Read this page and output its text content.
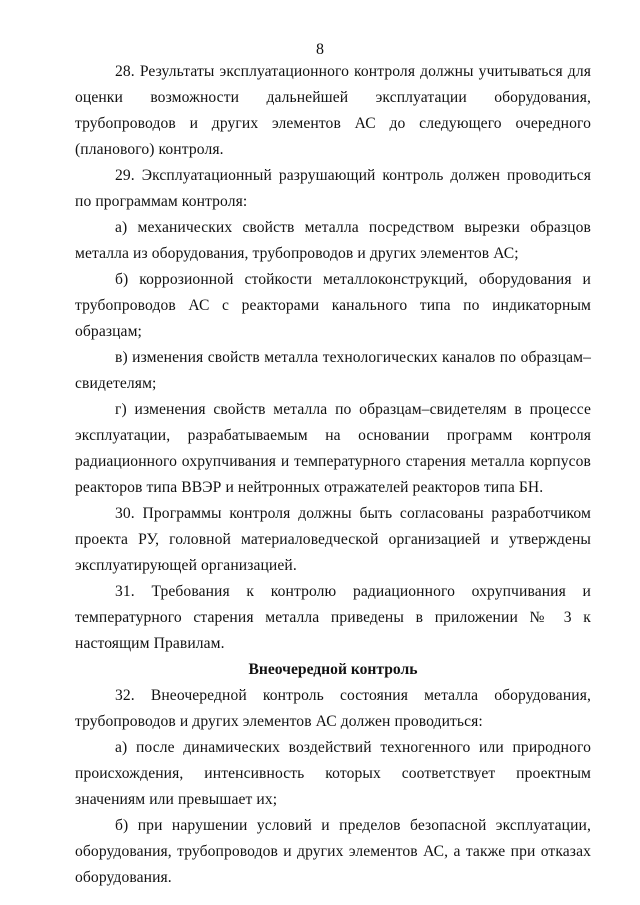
8

28. Результаты эксплуатационного контроля должны учитываться для оценки возможности дальнейшей эксплуатации оборудования, трубопроводов и других элементов АС до следующего очередного (планового) контроля.

29. Эксплуатационный разрушающий контроль должен проводиться по программам контроля:

а) механических свойств металла посредством вырезки образцов металла из оборудования, трубопроводов и других элементов АС;

б) коррозионной стойкости металлоконструкций, оборудования и трубопроводов АС с реакторами канального типа по индикаторным образцам;

в) изменения свойств металла технологических каналов по образцам–свидетелям;

г) изменения свойств металла по образцам–свидетелям в процессе эксплуатации, разрабатываемым на основании программ контроля радиационного охрупчивания и температурного старения металла корпусов реакторов типа ВВЭР и нейтронных отражателей реакторов типа БН.

30. Программы контроля должны быть согласованы разработчиком проекта РУ, головной материаловедческой организацией и утверждены эксплуатирующей организацией.

31. Требования к контролю радиационного охрупчивания и температурного старения металла приведены в приложении № 3 к настоящим Правилам.

Внеочередной контроль

32. Внеочередной контроль состояния металла оборудования, трубопроводов и других элементов АС должен проводиться:

а) после динамических воздействий техногенного или природного происхождения, интенсивность которых соответствует проектным значениям или превышает их;

б) при нарушении условий и пределов безопасной эксплуатации, оборудования, трубопроводов и других элементов АС, а также при отказах оборудования.
